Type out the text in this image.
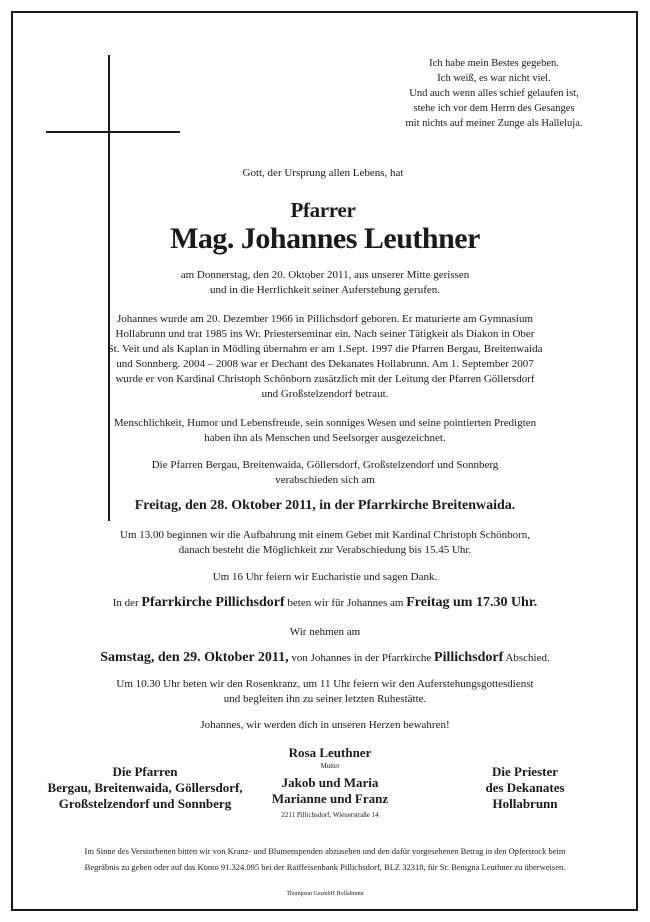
Ich habe mein Bestes gegeben.
Ich weiß, es war nicht viel.
Und auch wenn alles schief gelaufen ist,
stehe ich vor dem Herrn des Gesanges
mit nichts auf meiner Zunge als Halleluja.
Gott, der Ursprung allen Lebens, hat
Pfarrer
Mag. Johannes Leuthner
am Donnerstag, den 20. Oktober 2011, aus unserer Mitte gerissen
und in die Herrlichkeit seiner Auferstehung gerufen.
Johannes wurde am 20. Dezember 1966 in Pillichsdorf geboren. Er maturierte am Gymnasium
Hollabrunn und trat 1985 ins Wr. Priesterseminar ein. Nach seiner Tätigkeit als Diakon in Ober
St. Veit und als Kaplan in Mödling übernahm er am 1.Sept. 1997 die Pfarren Bergau, Breitenwaida
und Sonnberg. 2004 – 2008 war er Dechant des Dekanates Hollabrunn. Am 1. September 2007
wurde er von Kardinal Christoph Schönborn zusätzlich mit der Leitung der Pfarren Göllersdorf
und Großstelzendorf betraut.
Menschlichkeit, Humor und Lebensfreude, sein sonniges Wesen und seine pointierten Predigten
haben ihn als Menschen und Seelsorger ausgezeichnet.
Die Pfarren Bergau, Breitenwaida, Göllersdorf, Großstelzendorf und Sonnberg
verabschieden sich am
Freitag, den 28. Oktober 2011, in der Pfarrkirche Breitenwaida.
Um 13.00 beginnen wir die Aufbahrung mit einem Gebet mit Kardinal Christoph Schönborn,
danach besteht die Möglichkeit zur Verabschiedung bis 15.45 Uhr.
Um 16 Uhr feiern wir Eucharistie und sagen Dank.
In der Pfarrkirche Pillichsdorf beten wir für Johannes am Freitag um 17.30 Uhr.
Wir nehmen am
Samstag, den 29. Oktober 2011, von Johannes in der Pfarrkirche Pillichsdorf Abschied.
Um 10.30 Uhr beten wir den Rosenkranz, um 11 Uhr feiern wir den Auferstehungsgottesdienst
und begleiten ihn zu seiner letzten Ruhestätte.
Johannes, wir werden dich in unseren Herzen bewahren!
Die Pfarren
Bergau, Breitenwaida, Göllersdorf,
Großstelzendorf und Sonnberg
Rosa Leuthner
Mutter
Jakob und Maria
Marianne und Franz
2211 Pillichsdorf, Wienerstraße 14
Die Priester
des Dekanates
Hollabrunn
Im Sinne des Verstorbenen bitten wir von Kranz- und Blumenspenden abzusehen und den dafür vorgesehenen Betrag in den Opferstock beim
Begräbnis zu geben oder auf das Konto 91.324.095 bei der Raiffeisenbank Pillichsdorf, BLZ 32318, für Sr. Benigna Leuthner zu überweisen.
Thompson GesmbH Hollabrunn
